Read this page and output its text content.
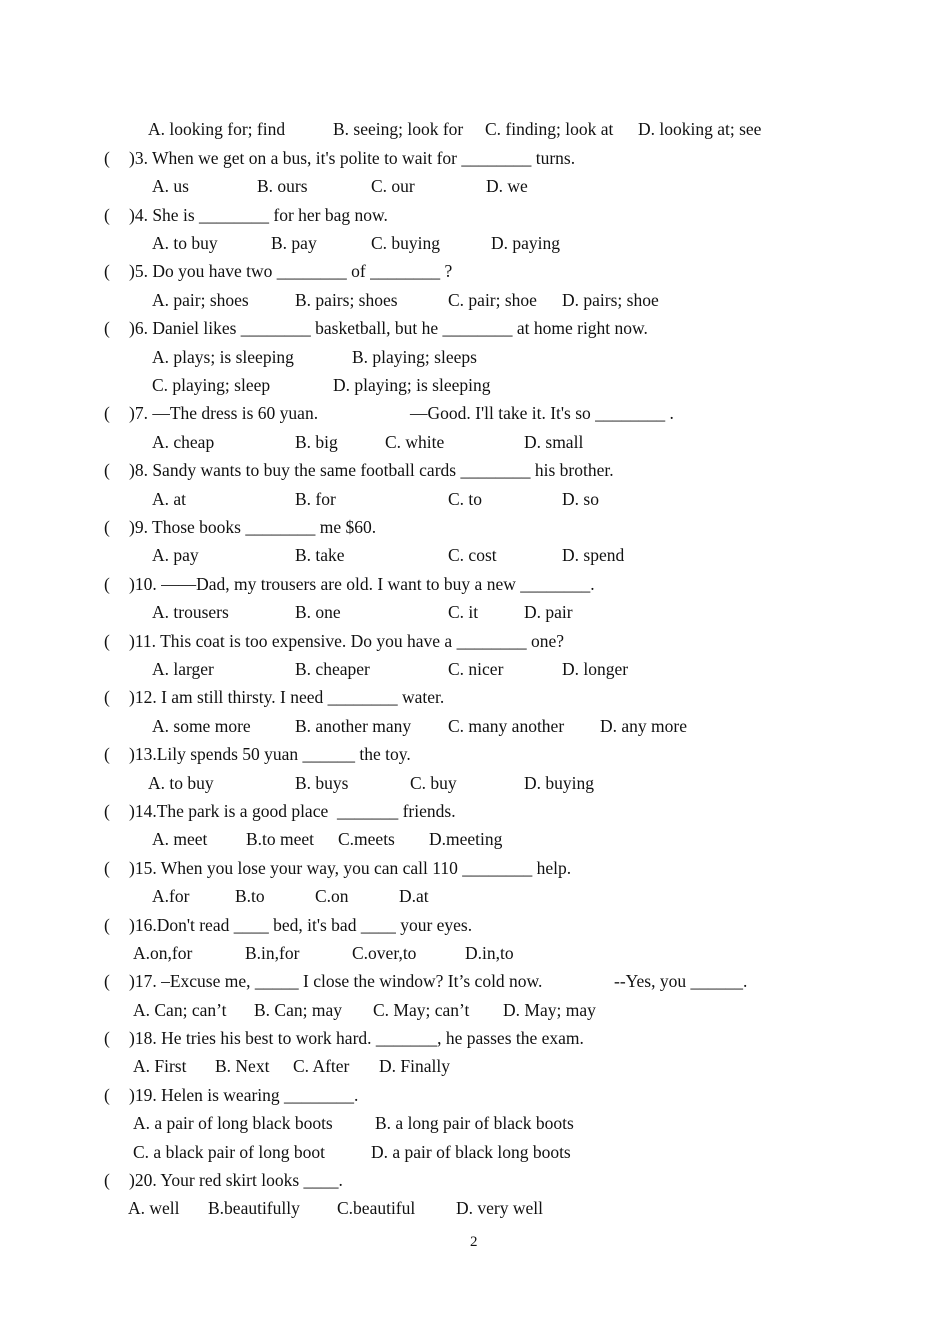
A. looking for; find	B. seeing; look for C. finding; look at D. looking at; see
( )3. When we get on a bus, it's polite to wait for ________ turns.
A. us	B. ours	C. our	D. we
( )4. She is ________ for her bag now.
A. to buy	B. pay	C. buying	D. paying
( )5. Do you have two ________ of ________ ?
A. pair; shoes	B. pairs; shoes	C. pair; shoe D. pairs; shoe
( )6. Daniel likes ________ basketball, but he ________ at home right now.
A. plays; is sleeping	B. playing; sleeps
C. playing; sleep	D. playing; is sleeping
( )7. —The dress is 60 yuan.	—Good. I'll take it. It's so ________ .
A. cheap	B. big	C. white	D. small
( )8. Sandy wants to buy the same football cards ________ his brother.
A. at	B. for	C. to	D. so
( )9. Those books ________ me $60.
A. pay	B. take	C. cost	D. spend
( )10. ——Dad, my trousers are old. I want to buy a new ________.
A. trousers	B. one	C. it	D. pair
( )11. This coat is too expensive. Do you have a ________ one?
A. larger	B. cheaper	C. nicer	D. longer
( )12. I am still thirsty. I need ________ water.
A. some more	B. another many C. many another D. any more
( )13.Lily spends 50 yuan ______ the toy.
A. to buy	B. buys	C. buy	D. buying
( )14.The park is a good place  _______ friends.
A. meet B.to meet C.meets D.meeting
( )15. When you lose your way, you can call 110 ________ help.
A.for	B.to	C.on	D.at
( )16.Don't read ____ bed, it's bad ____ your eyes.
A.on,for	B.in,for	C.over,to	D.in,to
( )17. –Excuse me, _____ I close the window? It’s cold now.	--Yes, you ______.
A. Can; can’t B. Can; may C. May; can’t D. May; may
( )18. He tries his best to work hard. _______, he passes the exam.
A. First B. Next C. After D. Finally
( )19. Helen is wearing ________.
A. a pair of long black boots B. a long pair of black boots
C. a black pair of long boot	D. a pair of black long boots
( )20. Your red skirt looks ____.
A. well B.beautifully C.beautiful D. very well
2
